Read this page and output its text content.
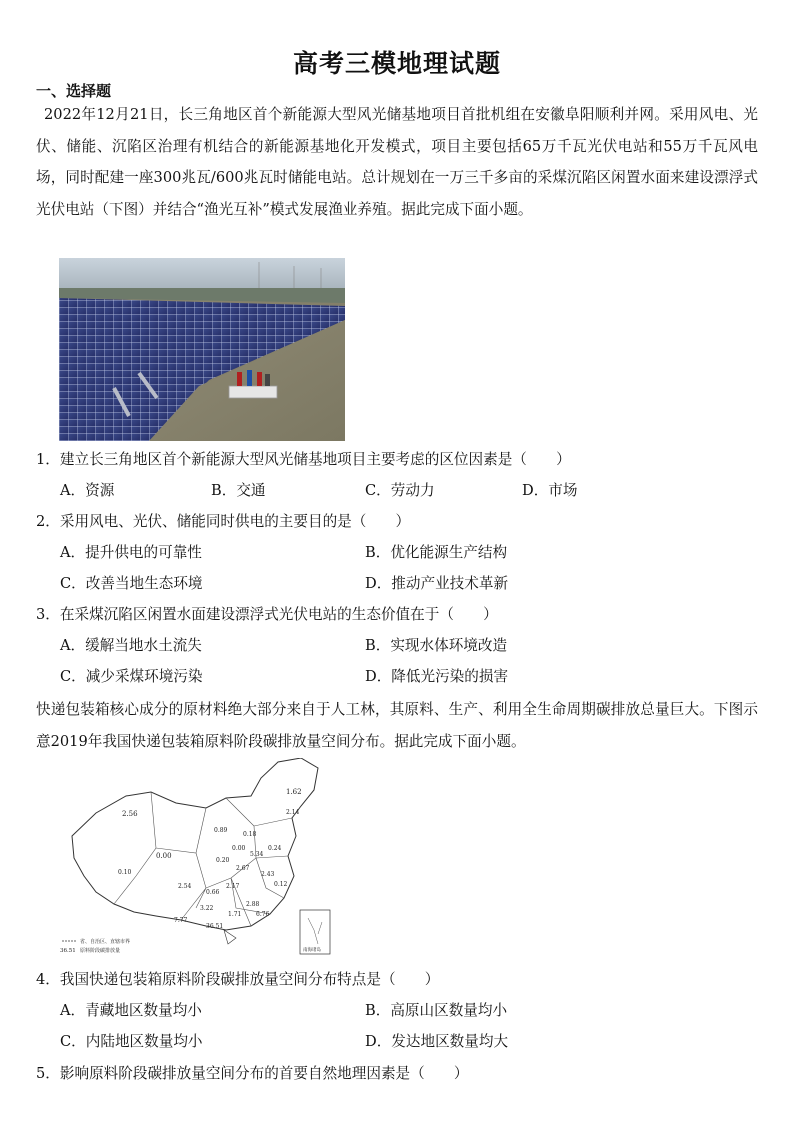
高考三模地理试题
一、选择题
2022年12月21日，长三角地区首个新能源大型风光储基地项目首批机组在安徽阜阳顺利并网。采用风电、光伏、储能、沉陷区治理有机结合的新能源基地化开发模式，项目主要包括65万千瓦光伏电站和55万千瓦风电场，同时配建一座300兆瓦/600兆瓦时储能电站。总计规划在一万三千多亩的采煤沉陷区闲置水面来建设漂浮式光伏电站（下图）并结合“渔光互补”模式发展渔业养殖。据此完成下面小题。
1．建立长三角地区首个新能源大型风光储基地项目主要考虑的区位因素是（　　）
A．资源	B．交通	C．劳动力	D．市场
2．采用风电、光伏、储能同时供电的主要目的是（　　）
A．提升供电的可靠性	B．优化能源生产结构
C．改善当地生态环境	D．推动产业技术革新
3．在采煤沉陷区闲置水面建设漂浮式光伏电站的生态价值在于（　　）
A．缓解当地水土流失	B．实现水体环境改造
C．减少采煤环境污染	D．降低光污染的损害
快递包装箱核心成分的原材料绝大部分来自于人工林，其原料、生产、利用全生命周期碳排放总量巨大。下图示意2019年我国快递包装箱原料阶段碳排放量空间分布。据此完成下面小题。
南海诸岛
1.62
2.56
0.89
0.18
0.00
5.34
0.10
2.67
0.20
0.00
2.54
0.66
2.17
2.43
0.12
3.22
2.88
6.76
7.77
36.51
1.71
0.24
2.14
省、自治区、直辖市界
36.51 原料阶段碳排放量
4．我国快递包装箱原料阶段碳排放量空间分布特点是（　　）
A．青藏地区数量均小	B．高原山区数量均小
C．内陆地区数量均小	D．发达地区数量均大
5．影响原料阶段碳排放量空间分布的首要自然地理因素是（　　）
